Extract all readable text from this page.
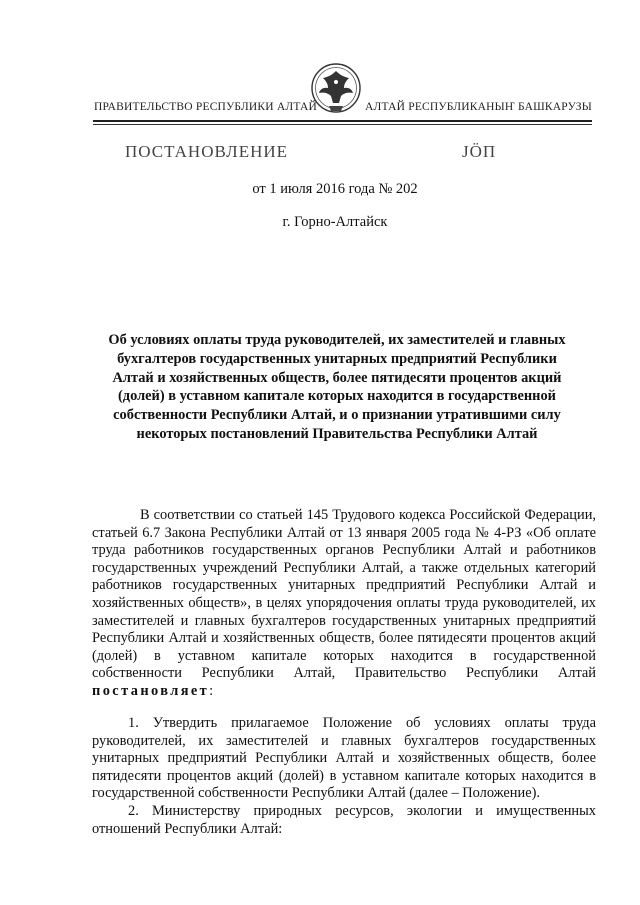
ПРАВИТЕЛЬСТВО РЕСПУБЛИКИ АЛТАЙ	АЛТАЙ РЕСПУБЛИКАНЫҤ БАШКАРУЗЫ
ПОСТАНОВЛЕНИЕ	JӦП
от 1 июля 2016 года № 202
г. Горно-Алтайск
Об условиях оплаты труда руководителей, их заместителей и главных бухгалтеров государственных унитарных предприятий Республики Алтай и хозяйственных обществ, более пятидесяти процентов акций (долей) в уставном капитале которых находится в государственной собственности Республики Алтай, и о признании утратившими силу некоторых постановлений Правительства Республики Алтай
В соответствии со статьей 145 Трудового кодекса Российской Федерации, статьей 6.7 Закона Республики Алтай от 13 января 2005 года № 4-РЗ «Об оплате труда работников государственных органов Республики Алтай и работников государственных учреждений Республики Алтай, а также отдельных категорий работников государственных унитарных предприятий Республики Алтай и хозяйственных обществ», в целях упорядочения оплаты труда руководителей, их заместителей и главных бухгалтеров государственных унитарных предприятий Республики Алтай и хозяйственных обществ, более пятидесяти процентов акций (долей) в уставном капитале которых находится в государственной собственности Республики Алтай, Правительство Республики Алтай постановляет:
1. Утвердить прилагаемое Положение об условиях оплаты труда руководителей, их заместителей и главных бухгалтеров государственных унитарных предприятий Республики Алтай и хозяйственных обществ, более пятидесяти процентов акций (долей) в уставном капитале которых находится в государственной собственности Республики Алтай (далее – Положение).
2. Министерству природных ресурсов, экологии и имущественных отношений Республики Алтай:
